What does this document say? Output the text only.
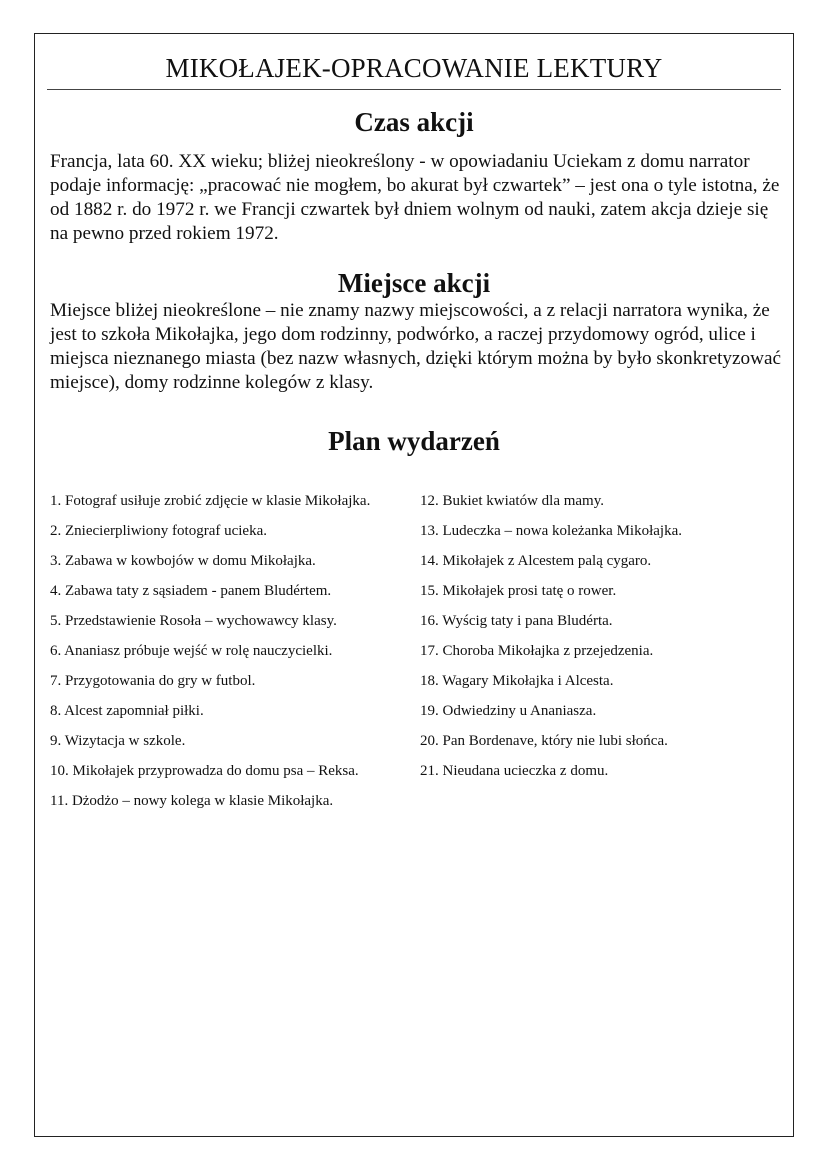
MIKOŁAJEK-OPRACOWANIE LEKTURY
Czas akcji

Francja, lata 60. XX wieku; bliżej nieokreślony - w opowiadaniu Uciekam z domu narrator podaje informację: „pracować nie mogłem, bo akurat był czwartek” – jest ona o tyle istotna, że od 1882 r. do 1972 r. we Francji czwartek był dniem wolnym od nauki, zatem akcja dzieje się na pewno przed rokiem 1972.

Miejsce akcji

Miejsce bliżej nieokreślone – nie znamy nazwy miejscowości, a z relacji narratora wynika, że jest to szkoła Mikołajka, jego dom rodzinny, podwórko, a raczej przydomowy ogród, ulice i miejsca nieznanego miasta (bez nazw własnych, dzięki którym można by było skonkretyzować miejsce), domy rodzinne kolegów z klasy.

Plan wydarzeń
1. Fotograf usiłuje zrobić zdjęcie w klasie Mikołajka.
2. Zniecierpliwiony fotograf ucieka.
3. Zabawa w kowbojów w domu Mikołajka.
4. Zabawa taty z sąsiadem - panem Bludértem.
5. Przedstawienie Rosoła – wychowawcy klasy.
6. Ananiasz próbuje wejść w rolę nauczycielki.
7. Przygotowania do gry w futbol.
8. Alcest zapomniał piłki.
9. Wizytacja w szkole.
10. Mikołajek przyprowadza do domu psa – Reksa.
11. Dżodżo – nowy kolega w klasie Mikołajka.
12. Bukiet kwiatów dla mamy.
13. Ludeczka – nowa koleżanka Mikołajka.
14. Mikołajek z Alcestem palą cygaro.
15. Mikołajek prosi tatę o rower.
16. Wyścig taty i pana Bludérta.
17. Choroba Mikołajka z przejedzenia.
18. Wagary Mikołajka i Alcesta.
19. Odwiedziny u Ananiasza.
20. Pan Bordenave, który nie lubi słońca.
21. Nieudana ucieczka z domu.
